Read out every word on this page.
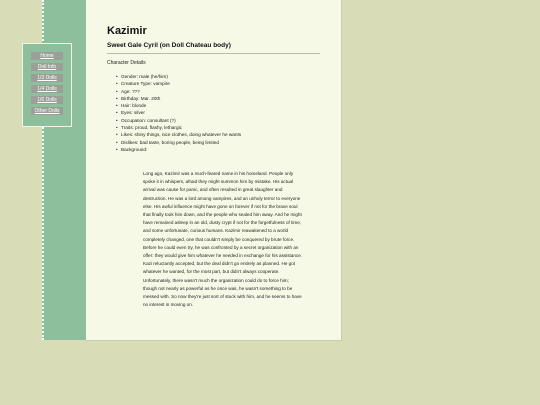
Home
Doll Info
1/3 Dolls
1/4 Dolls
1/6 Dolls
Other Dolls
Kazimir
Sweet Gale Cyril (on Doll Chateau body)
Character Details
• Gender: male (he/him)
• Creature Type: vampire
• Age: ???
• Birthday: Mar. 20th
• Hair: blonde
• Eyes: silver
• Occupation: consultant (?)
• Traits: proud, flashy, lethargic
• Likes: shiny things, nice clothes, doing whatever he wants
• Dislikes: bad taste, boring people, being limited
• Background:

Long ago, Kazimir was a much-feared name in his homeland. People only spoke it in whispers, afraid they might summon him by mistake. His actual arrival was cause for panic, and often resulted in great slaughter and destruction. He was a lord among vampires, and an unholy terror to everyone else. His awful influence might have gone on forever if not for the brave soul that finally took him down, and the people who sealed him away. And he might have remained asleep in an old, dusty crypt if not for the forgetfulness of time, and some unfortunate, curious humans. Kazimir reawakened to a world completely changed, one that couldn't simply be conquered by brute force.

Before he could even try, he was confronted by a secret organization with an offer: they would give him whatever he needed in exchange for his assistance. Kazi reluctantly accepted, but the deal didn't go entirely as planned. He got whatever he wanted, for the most part, but didn't always cooperate. Unfortunately, there wasn't much the organization could do to force him; though not nearly as powerful as he once was, he wasn't something to be messed with. So now they're just sort of stuck with him, and he seems to have no interest in moving on.
